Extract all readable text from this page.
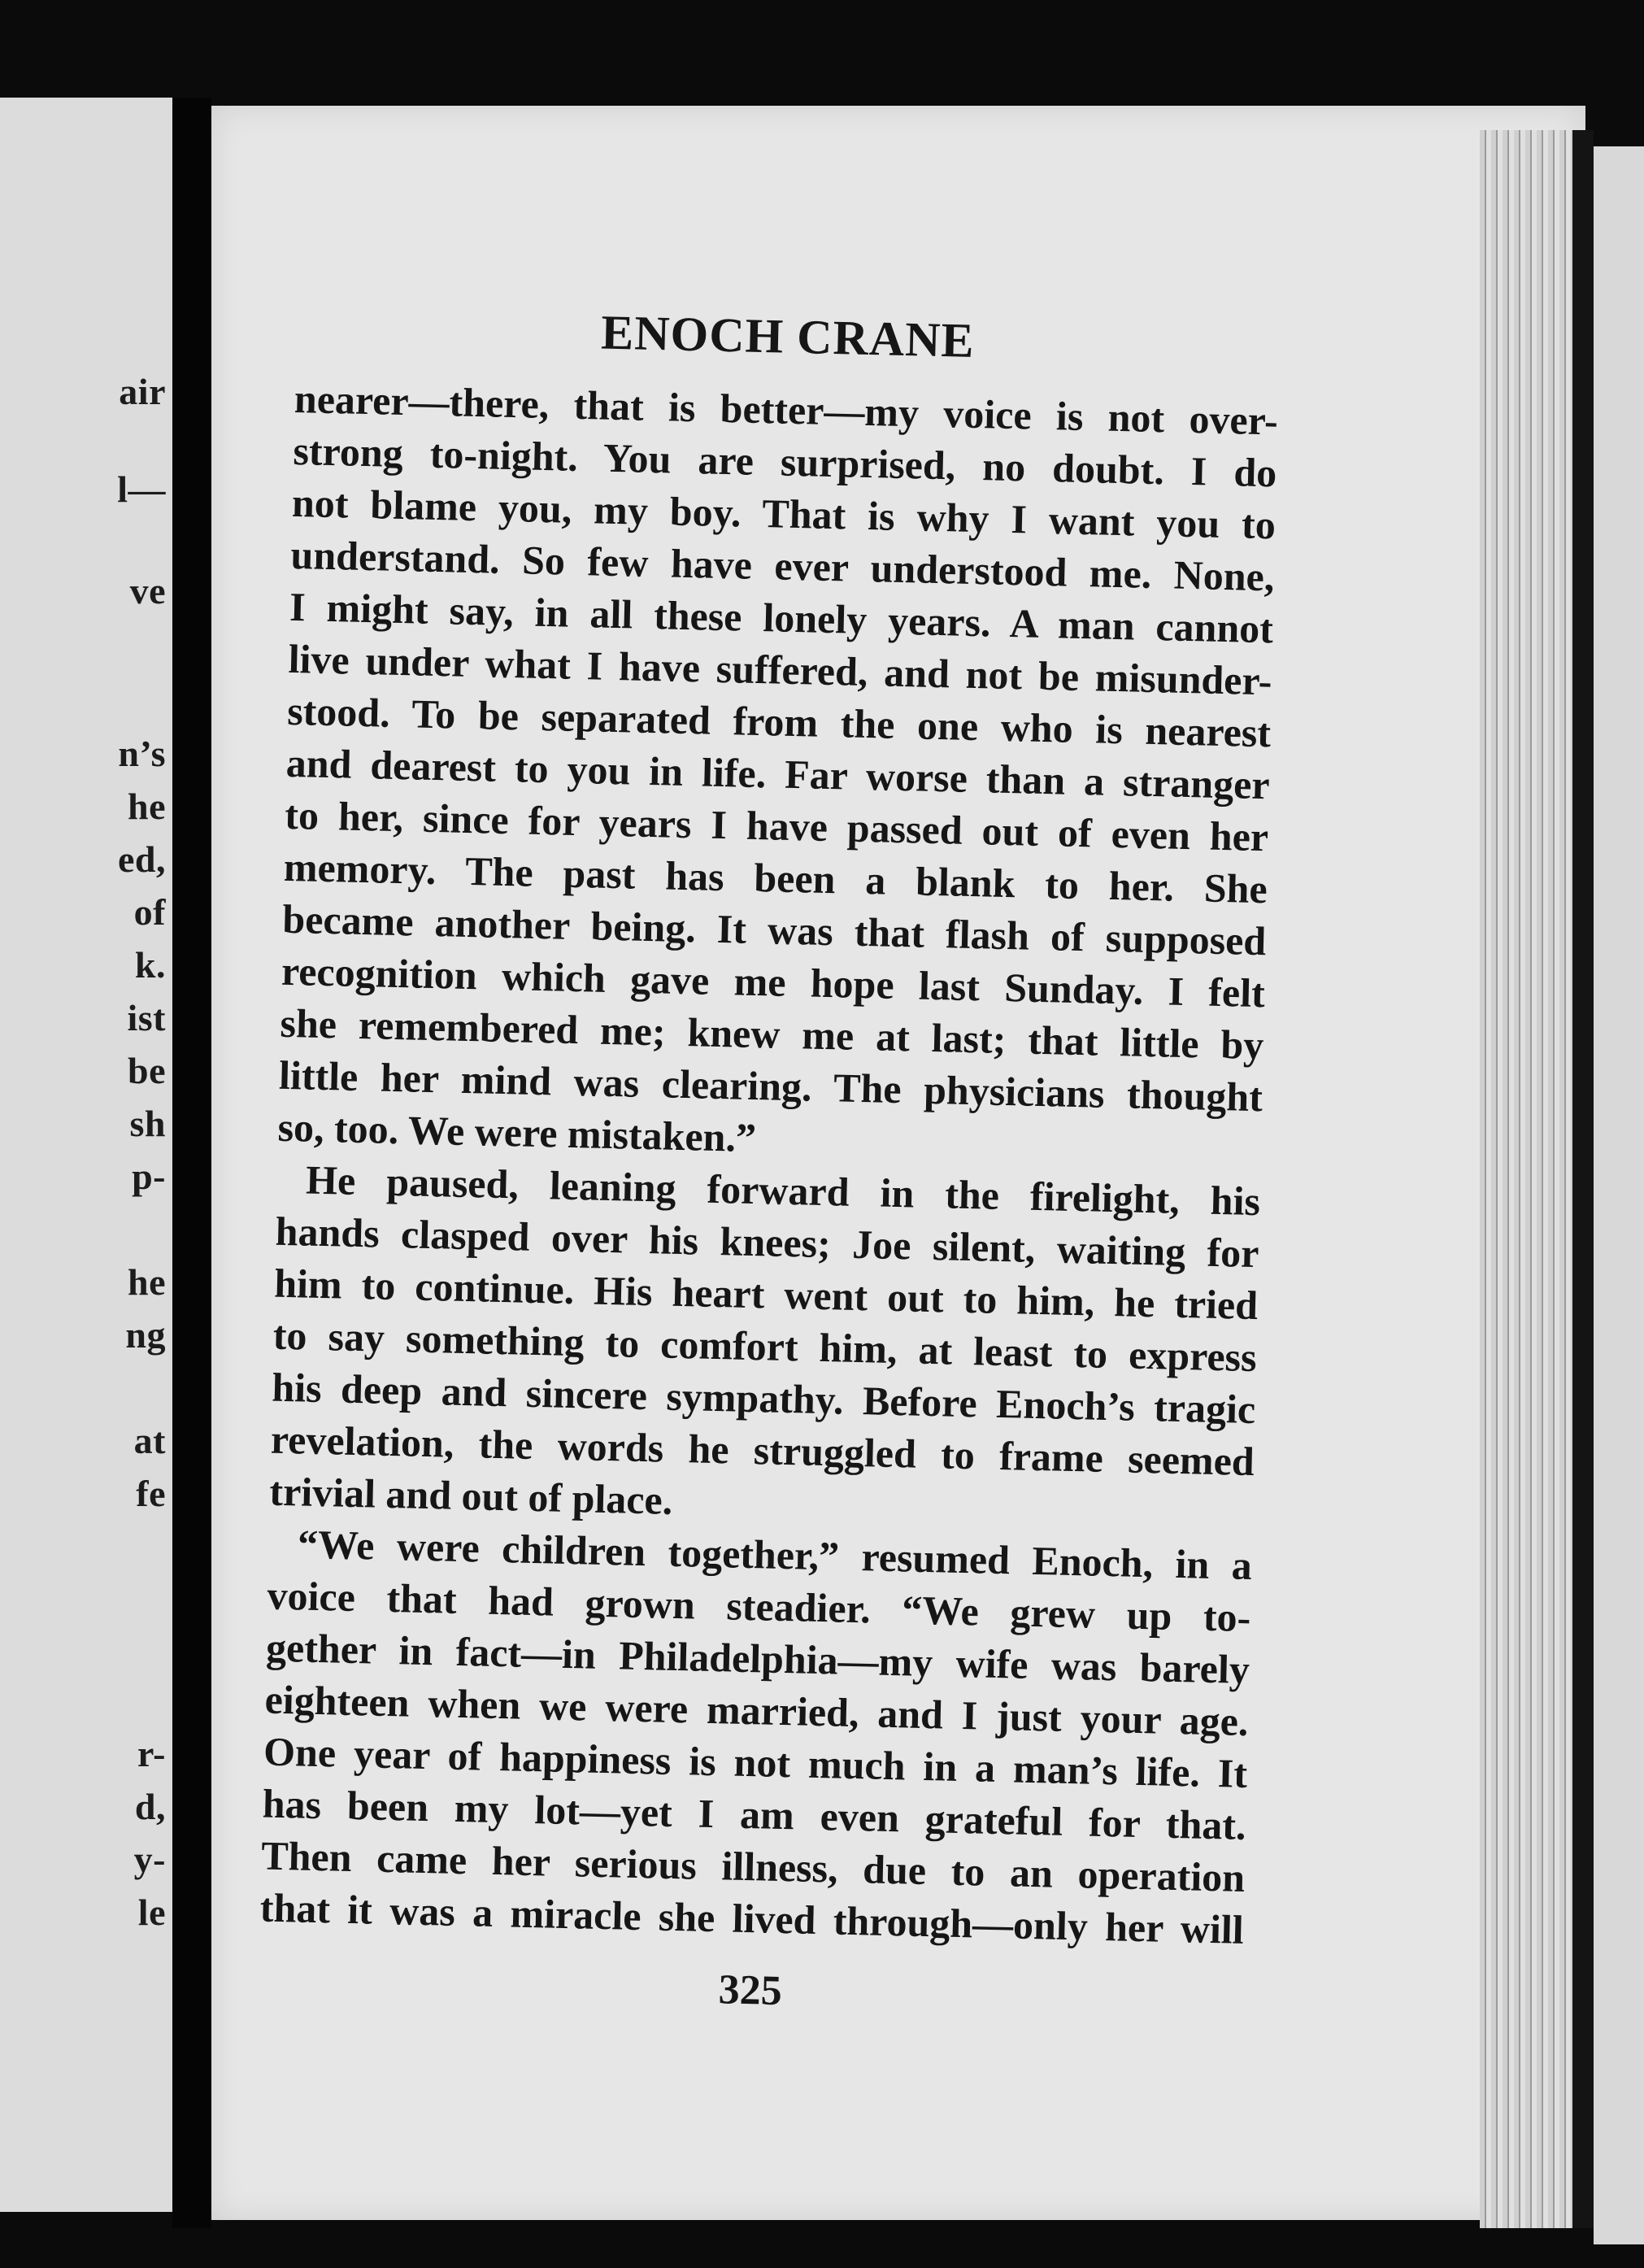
air
l—
ve
n’s
he
ed,
of
k.
ist
be
sh
p-
he
ng
at
fe
r-
d,
y-
le
ENOCH CRANE
nearer—there, that is better—my voice is not over-
strong to-night. You are surprised, no doubt. I do
not blame you, my boy. That is why I want you to
understand. So few have ever understood me. None,
I might say, in all these lonely years. A man cannot
live under what I have suffered, and not be misunder-
stood. To be separated from the one who is nearest
and dearest to you in life. Far worse than a stranger
to her, since for years I have passed out of even her
memory. The past has been a blank to her. She
became another being. It was that flash of supposed
recognition which gave me hope last Sunday. I felt
she remembered me; knew me at last; that little by
little her mind was clearing. The physicians thought
so, too. We were mistaken.”
He paused, leaning forward in the firelight, his
hands clasped over his knees; Joe silent, waiting for
him to continue. His heart went out to him, he tried
to say something to comfort him, at least to express
his deep and sincere sympathy. Before Enoch’s tragic
revelation, the words he struggled to frame seemed
trivial and out of place.
“We were children together,” resumed Enoch, in a
voice that had grown steadier. “We grew up to-
gether in fact—in Philadelphia—my wife was barely
eighteen when we were married, and I just your age.
One year of happiness is not much in a man’s life. It
has been my lot—yet I am even grateful for that.
Then came her serious illness, due to an operation
that it was a miracle she lived through—only her will
325
